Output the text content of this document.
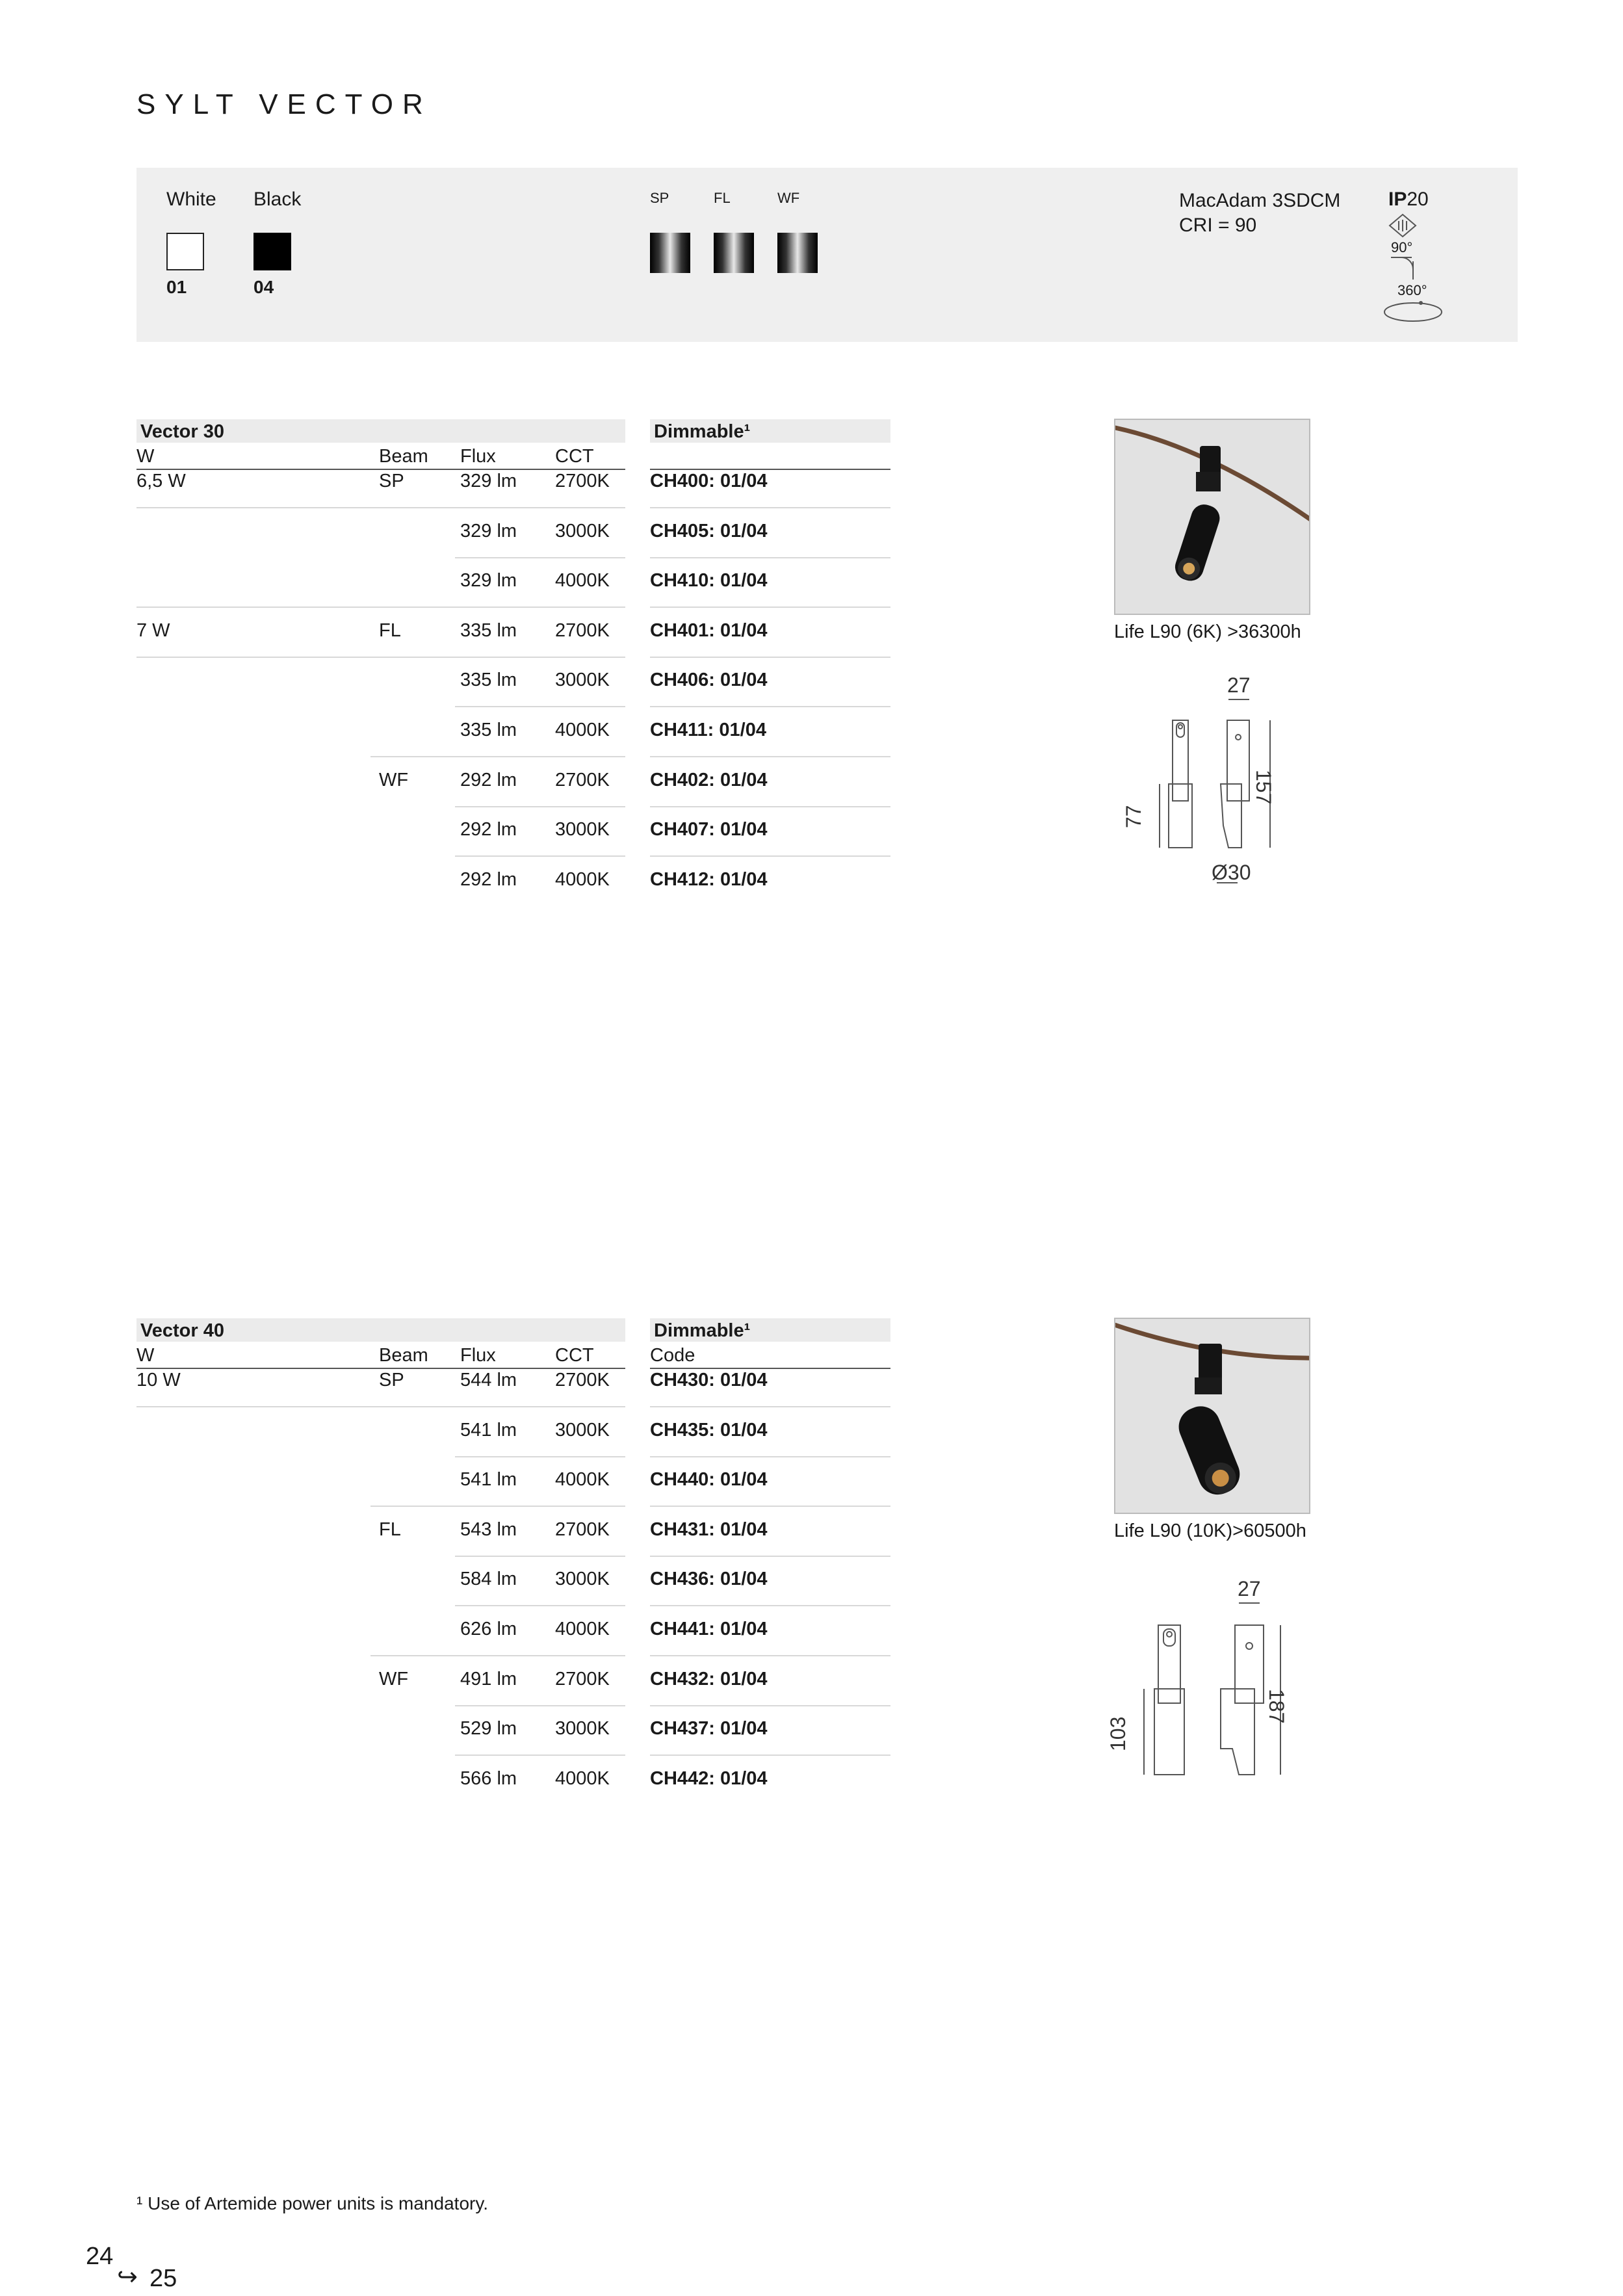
SYLT VECTOR
White Black
01	04
SP	FL	WF	MacAdam 3SDCM
CRI = 90
IP20
90°
360°
Vector 30	Dimmable¹
W	Beam Flux	CCT
6,5 W	SP	329 lm 2700K CH400: 01/04
329 lm 3000K CH405: 01/04
329 lm 4000K CH410: 01/04
7 W	FL	335 lm 2700K CH401: 01/04
335 lm 3000K CH406: 01/04
335 lm 4000K CH411: 01/04
WF	292 lm 2700K CH402: 01/04
292 lm 3000K CH407: 01/04
292 lm 4000K CH412: 01/04
Life L90 (6K) >36300h
27
157
77
Ø30
Vector 40	Dimmable¹
W	Beam Flux	CCT	Code
10 W	SP	544 lm 2700K CH430: 01/04
541 lm 3000K CH435: 01/04
541 lm 4000K CH440: 01/04
FL	543 lm 2700K CH431: 01/04
584 lm 3000K CH436: 01/04
626 lm 4000K CH441: 01/04
WF	491 lm 2700K CH432: 01/04
529 lm 3000K CH437: 01/04
566 lm 4000K CH442: 01/04
Life L90 (10K)>60500h
27
187
103
¹ Use of Artemide power units is mandatory.
24
↪ 25
